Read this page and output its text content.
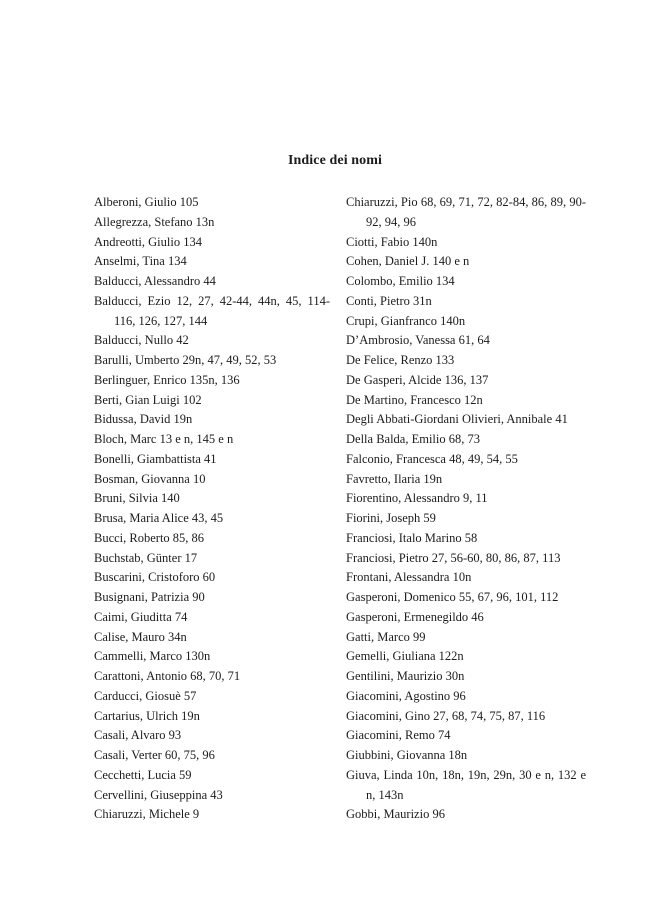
Indice dei nomi
Alberoni, Giulio 105
Allegrezza, Stefano 13n
Andreotti, Giulio 134
Anselmi, Tina 134
Balducci, Alessandro 44
Balducci, Ezio 12, 27, 42-44, 44n, 45, 114-116, 126, 127, 144
Balducci, Nullo 42
Barulli, Umberto 29n, 47, 49, 52, 53
Berlinguer, Enrico 135n, 136
Berti, Gian Luigi 102
Bidussa, David 19n
Bloch, Marc 13 e n, 145 e n
Bonelli, Giambattista 41
Bosman, Giovanna 10
Bruni, Silvia 140
Brusa, Maria Alice 43, 45
Bucci, Roberto 85, 86
Buchstab, Günter 17
Buscarini, Cristoforo 60
Busignani, Patrizia 90
Caimi, Giuditta 74
Calise, Mauro 34n
Cammelli, Marco 130n
Carattoni, Antonio 68, 70, 71
Carducci, Giosuè 57
Cartarius, Ulrich 19n
Casali, Alvaro 93
Casali, Verter 60, 75, 96
Cecchetti, Lucia 59
Cervellini, Giuseppina 43
Chiaruzzi, Michele 9
Chiaruzzi, Pio 68, 69, 71, 72, 82-84, 86, 89, 90-92, 94, 96
Ciotti, Fabio 140n
Cohen, Daniel J. 140 e n
Colombo, Emilio 134
Conti, Pietro 31n
Crupi, Gianfranco 140n
D’Ambrosio, Vanessa 61, 64
De Felice, Renzo 133
De Gasperi, Alcide 136, 137
De Martino, Francesco 12n
Degli Abbati-Giordani Olivieri, Annibale 41
Della Balda, Emilio 68, 73
Falconio, Francesca 48, 49, 54, 55
Favretto, Ilaria 19n
Fiorentino, Alessandro 9, 11
Fiorini, Joseph 59
Franciosi, Italo Marino 58
Franciosi, Pietro 27, 56-60, 80, 86, 87, 113
Frontani, Alessandra 10n
Gasperoni, Domenico 55, 67, 96, 101, 112
Gasperoni, Ermenegildo 46
Gatti, Marco 99
Gemelli, Giuliana 122n
Gentilini, Maurizio 30n
Giacomini, Agostino 96
Giacomini, Gino 27, 68, 74, 75, 87, 116
Giacomini, Remo 74
Giubbini, Giovanna 18n
Giuva, Linda 10n, 18n, 19n, 29n, 30 e n, 132 e n, 143n
Gobbi, Maurizio 96
